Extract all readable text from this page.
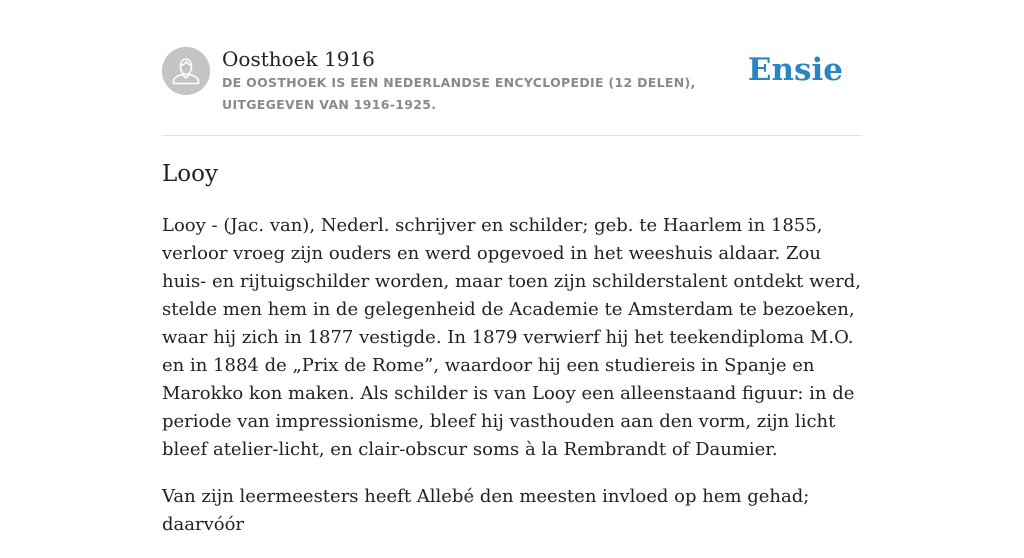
Oosthoek 1916
DE OOSTHOEK IS EEN NEDERLANDSE ENCYCLOPEDIE (12 DELEN), UITGEGEVEN VAN 1916-1925.
Ensie
Looy

Looy - (Jac. van), Nederl. schrijver en schilder; geb. te Haarlem in 1855, verloor vroeg zijn ouders en werd opgevoed in het weeshuis aldaar. Zou huis- en rijtuigschilder worden, maar toen zijn schilderstalent ontdekt werd, stelde men hem in de gelegenheid de Academie te Amsterdam te bezoeken, waar hij zich in 1877 vestigde. In 1879 verwierf hij het teekendiploma M.O. en in 1884 de „Prix de Rome”, waardoor hij een studiereis in Spanje en Marokko kon maken. Als schilder is van Looy een alleenstaand figuur: in de periode van impressionisme, bleef hij vasthouden aan den vorm, zijn licht bleef atelier-licht, en clair-obscur soms à la Rembrandt of Daumier.

Van zijn leermeesters heeft Allebé den meesten invloed op hem gehad; daarvóór
